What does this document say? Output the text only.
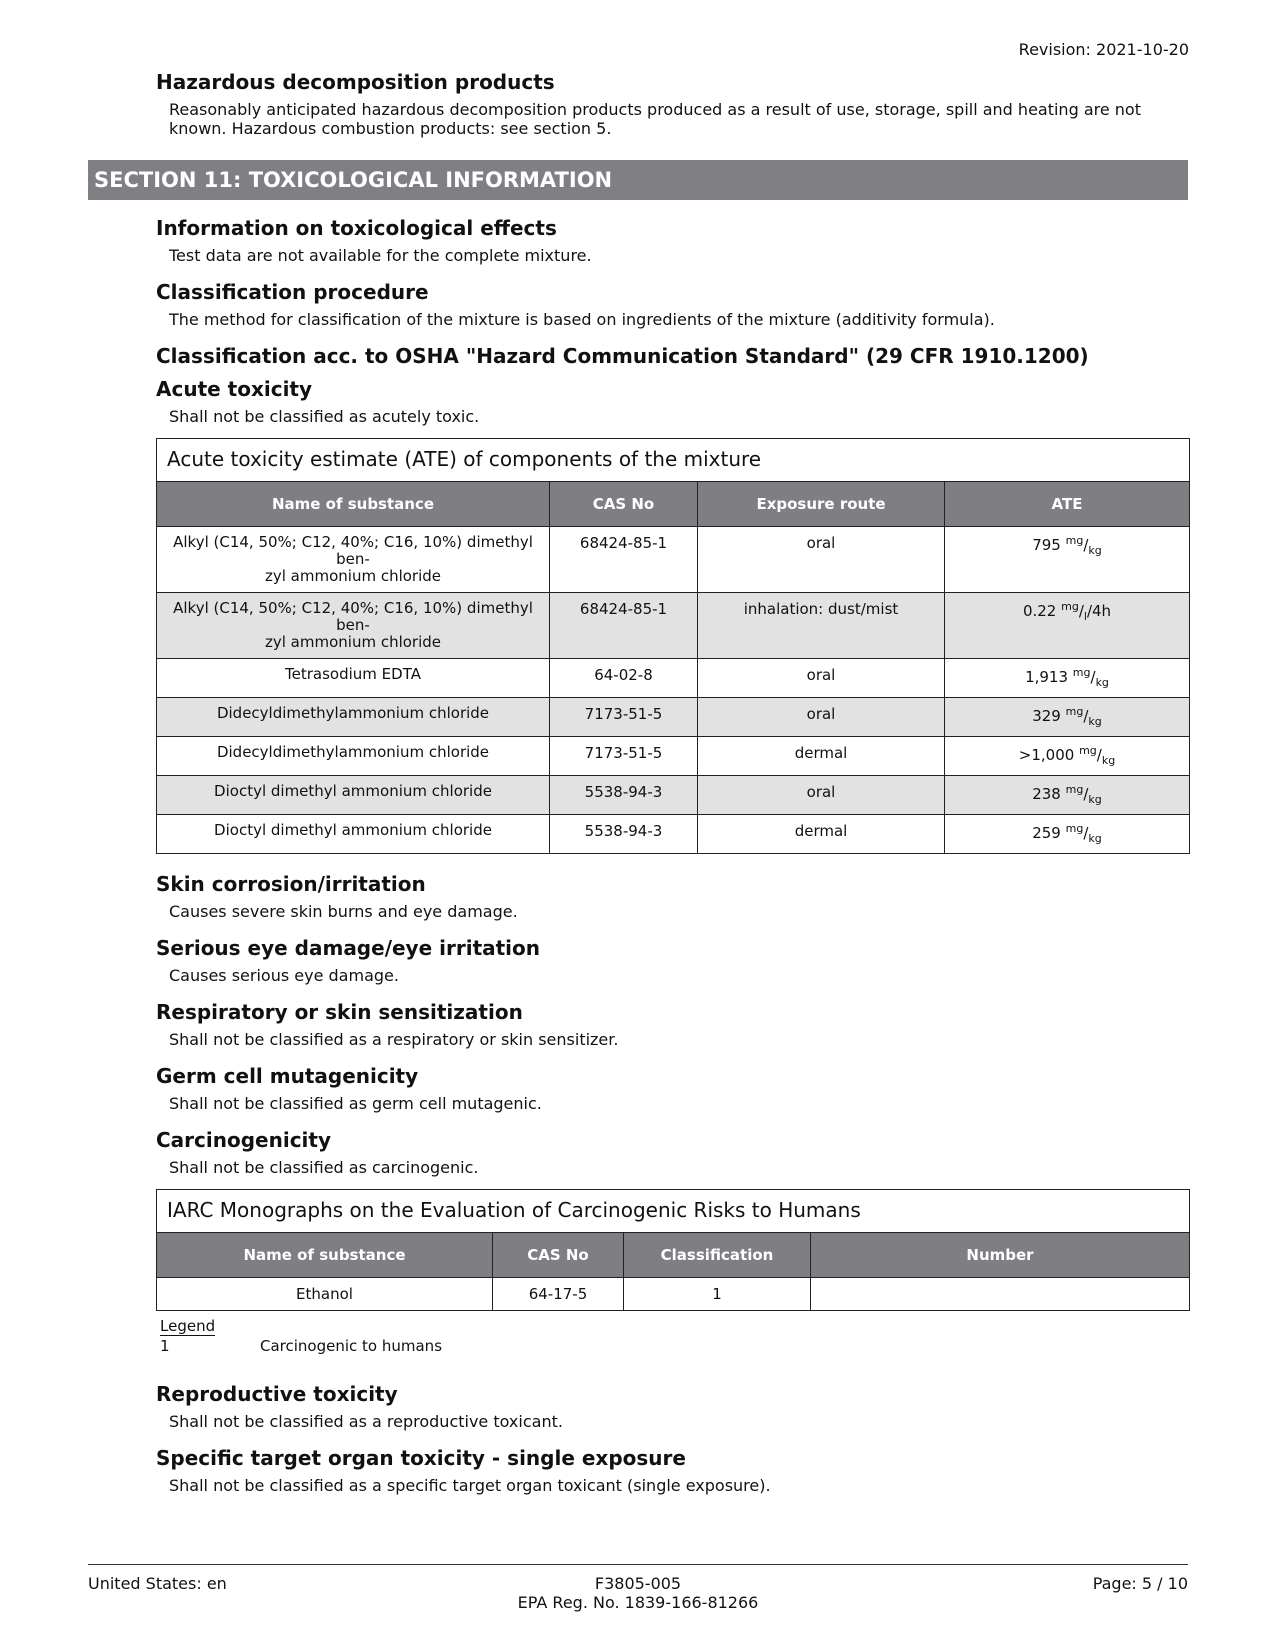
Revision: 2021-10-20
Hazardous decomposition products

Reasonably anticipated hazardous decomposition products produced as a result of use, storage, spill and heating are not known. Hazardous combustion products: see section 5.

SECTION 11: TOXICOLOGICAL INFORMATION
Information on toxicological effects

Test data are not available for the complete mixture.

Classification procedure

The method for classification of the mixture is based on ingredients of the mixture (additivity formula).

Classification acc. to OSHA "Hazard Communication Standard" (29 CFR 1910.1200)
Acute toxicity

Shall not be classified as acutely toxic.

Acute toxicity estimate (ATE) of components of the mixture			
Name of substance	CAS No	Exposure route	ATE

Alkyl (C14, 50%; C12, 40%; C16, 10%) dimethyl ben-
zyl ammonium chloride	68424-85-1	oral	795 $^{mg}/_{kg}$

Alkyl (C14, 50%; C12, 40%; C16, 10%) dimethyl ben-
zyl ammonium chloride	68424-85-1	inhalation: dust/mist	0.22 $^{mg}/_l/4h$

Tetrasodium EDTA	64-02-8	oral	1,913 $^{mg}/_{kg}$

Didecyldimethylammonium chloride	7173-51-5	oral	329 $^{mg}/_{kg}$

Didecyldimethylammonium chloride	7173-51-5	dermal	>1,000 $^{mg}/_{kg}$

Dioctyl dimethyl ammonium chloride	5538-94-3	oral	238 $^{mg}/_{kg}$

Dioctyl dimethyl ammonium chloride	5538-94-3	dermal	259 $^{mg}/_{kg}$
Skin corrosion/irritation

Causes severe skin burns and eye damage.

Serious eye damage/eye irritation

Causes serious eye damage.

Respiratory or skin sensitization

Shall not be classified as a respiratory or skin sensitizer.

Germ cell mutagenicity

Shall not be classified as germ cell mutagenic.

Carcinogenicity

Shall not be classified as carcinogenic.

IARC Monographs on the Evaluation of Carcinogenic Risks to Humans			
Name of substance	CAS No	Classification	Number
Ethanol	64-17-5	1	
Legend
1	Carcinogenic to humans
Reproductive toxicity

Shall not be classified as a reproductive toxicant.

Specific target organ toxicity - single exposure

Shall not be classified as a specific target organ toxicant (single exposure).

United States: en	F3805-005
EPA Reg. No. 1839-166-81266
Page: 5 / 10
